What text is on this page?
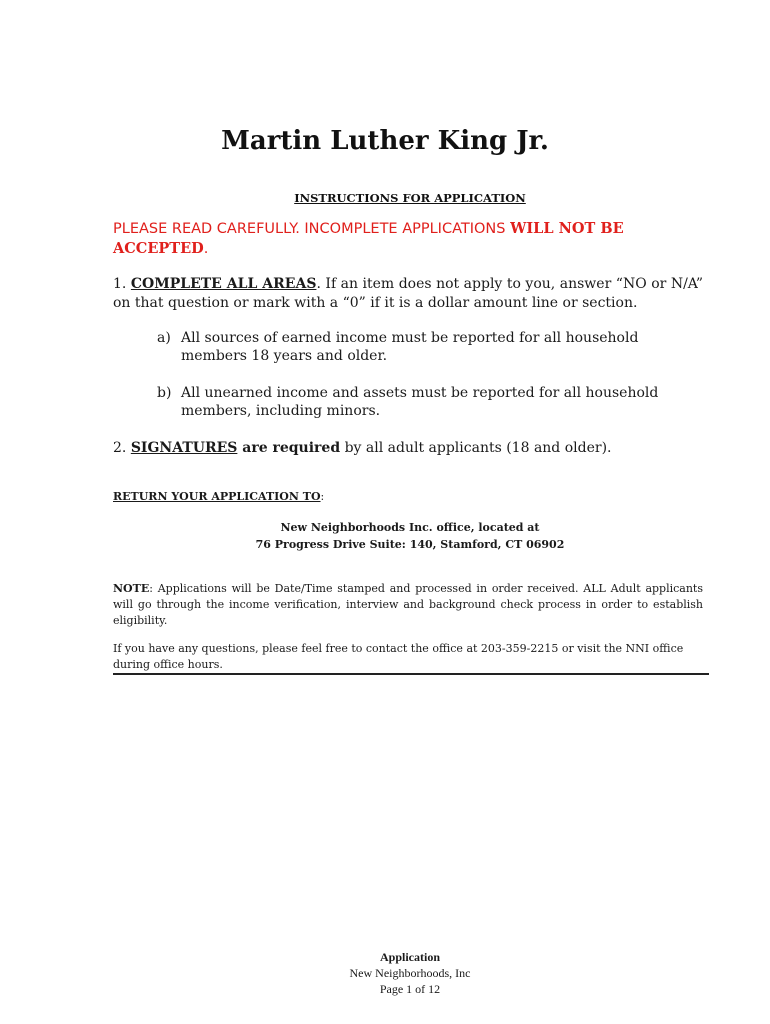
Martin Luther King Jr.
INSTRUCTIONS FOR APPLICATION
PLEASE READ CAREFULLY. INCOMPLETE APPLICATIONS WILL NOT BE
ACCEPTED.
1. COMPLETE ALL AREAS. If an item does not apply to you, answer “NO or N/A” on that question or mark with a “0” if it is a dollar amount line or section.
a) All sources of earned income must be reported for all household
members 18 years and older.
b) All unearned income and assets must be reported for all household
members, including minors.
2. SIGNATURES are required by all adult applicants (18 and older).
RETURN YOUR APPLICATION TO:
New Neighborhoods Inc. office, located at
76 Progress Drive Suite: 140, Stamford, CT 06902
NOTE: Applications will be Date/Time stamped and processed in order received. ALL Adult applicants will go through the income verification, interview and background check process in order to establish eligibility.
If you have any questions, please feel free to contact the office at 203-359-2215 or visit the NNI office during office hours.
Application
New Neighborhoods, Inc
Page 1 of 12
